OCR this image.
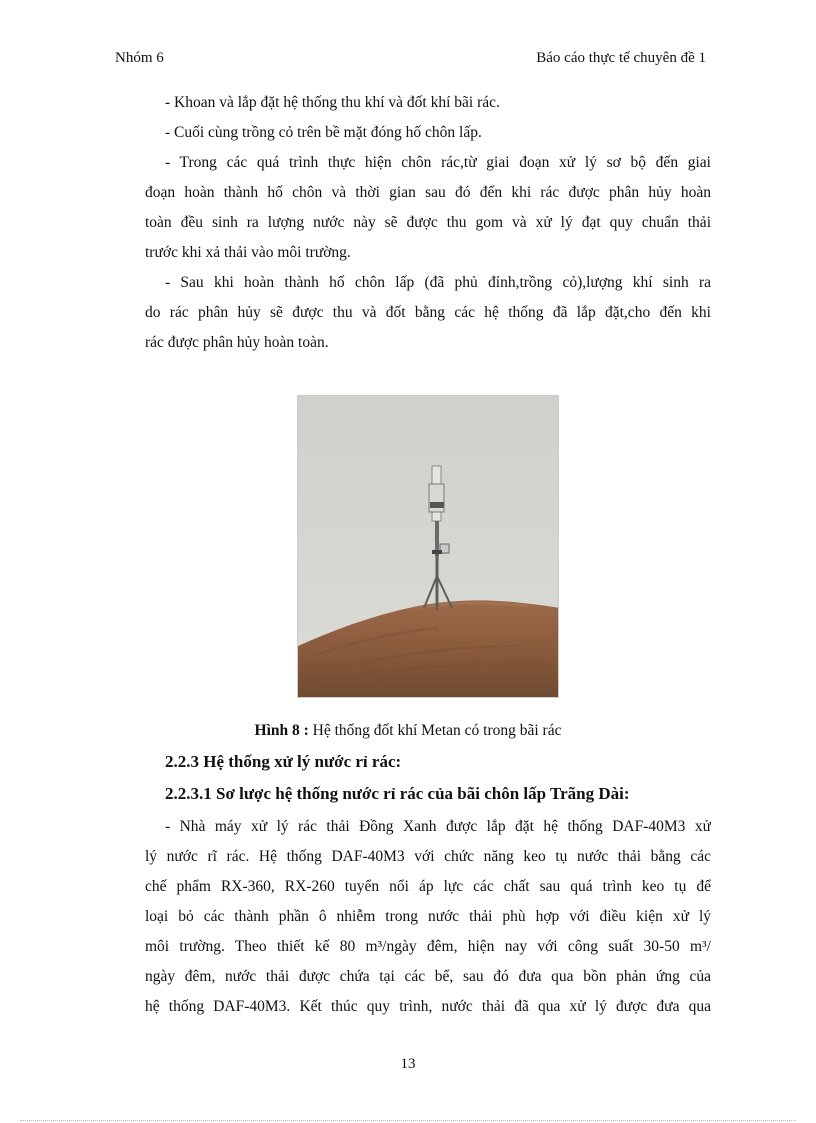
Nhóm 6	Báo cáo thực tế chuyên đề 1
- Khoan và lắp đặt hệ thống thu khí và đốt khí bãi rác.
- Cuối cùng trồng cỏ trên bề mặt đóng hố chôn lấp.
- Trong các quá trình thực hiện chôn rác,từ giai đoạn xử lý sơ bộ đến giai
đoạn hoàn thành hố chôn và thời gian sau đó đến khi rác được phân hủy hoàn
toàn đều sinh ra lượng nước này sẽ được thu gom và xử lý đạt quy chuẩn thải
trước khi xả thải vào môi trường.
- Sau khi hoàn thành hố chôn lấp (đã phủ đỉnh,trồng cỏ),lượng khí sinh ra
do rác phân hủy sẽ được thu và đốt bằng các hệ thống đã lắp đặt,cho đến khi
rác được phân hủy hoàn toàn.
Hình 8 : Hệ thống đốt khí Metan có trong bãi rác
2.2.3 Hệ thống xử lý nước rỉ rác:
2.2.3.1 Sơ lược hệ thống nước rỉ rác của bãi chôn lấp Trãng Dài:
- Nhà máy xử lý rác thải Đồng Xanh được lắp đặt hệ thống DAF-40M3 xử
lý nước rĩ rác. Hệ thống DAF-40M3 với chức năng keo tụ nước thải bằng các
chế phẩm RX-360, RX-260 tuyển nổi áp lực các chất sau quá trình keo tụ để
loại bỏ các thành phần ô nhiễm trong nước thải phù hợp với điều kiện xử lý
môi trường. Theo thiết kế 80 m³/ngày đêm, hiện nay với công suất 30-50 m³/
ngày đêm, nước thải được chứa tại các bể, sau đó đưa qua bồn phản ứng của
hệ thống DAF-40M3. Kết thúc quy trình, nước thải đã qua xử lý được đưa qua
13
